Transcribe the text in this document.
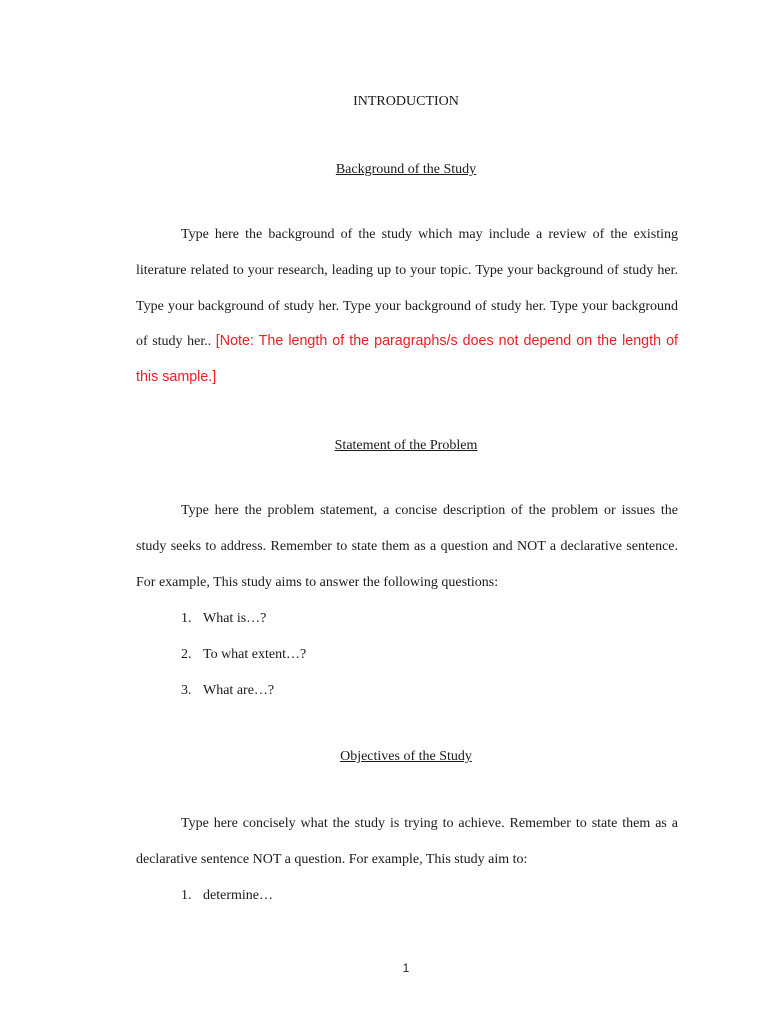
INTRODUCTION
Background of the Study

Type here the background of the study which may include a review of the existing literature related to your research, leading up to your topic. Type your background of study her. Type your background of study her. Type your background of study her. Type your background of study her.. [Note: The length of the paragraphs/s does not depend on the length of this sample.]

Statement of the Problem

Type here the problem statement, a concise description of the problem or issues the study seeks to address. Remember to state them as a question and NOT a declarative sentence. For example, This study aims to answer the following questions:

1. What is…?
2. To what extent…?
3. What are…?
Objectives of the Study

Type here concisely what the study is trying to achieve. Remember to state them as a declarative sentence NOT a question. For example, This study aim to:

1. determine…
1
